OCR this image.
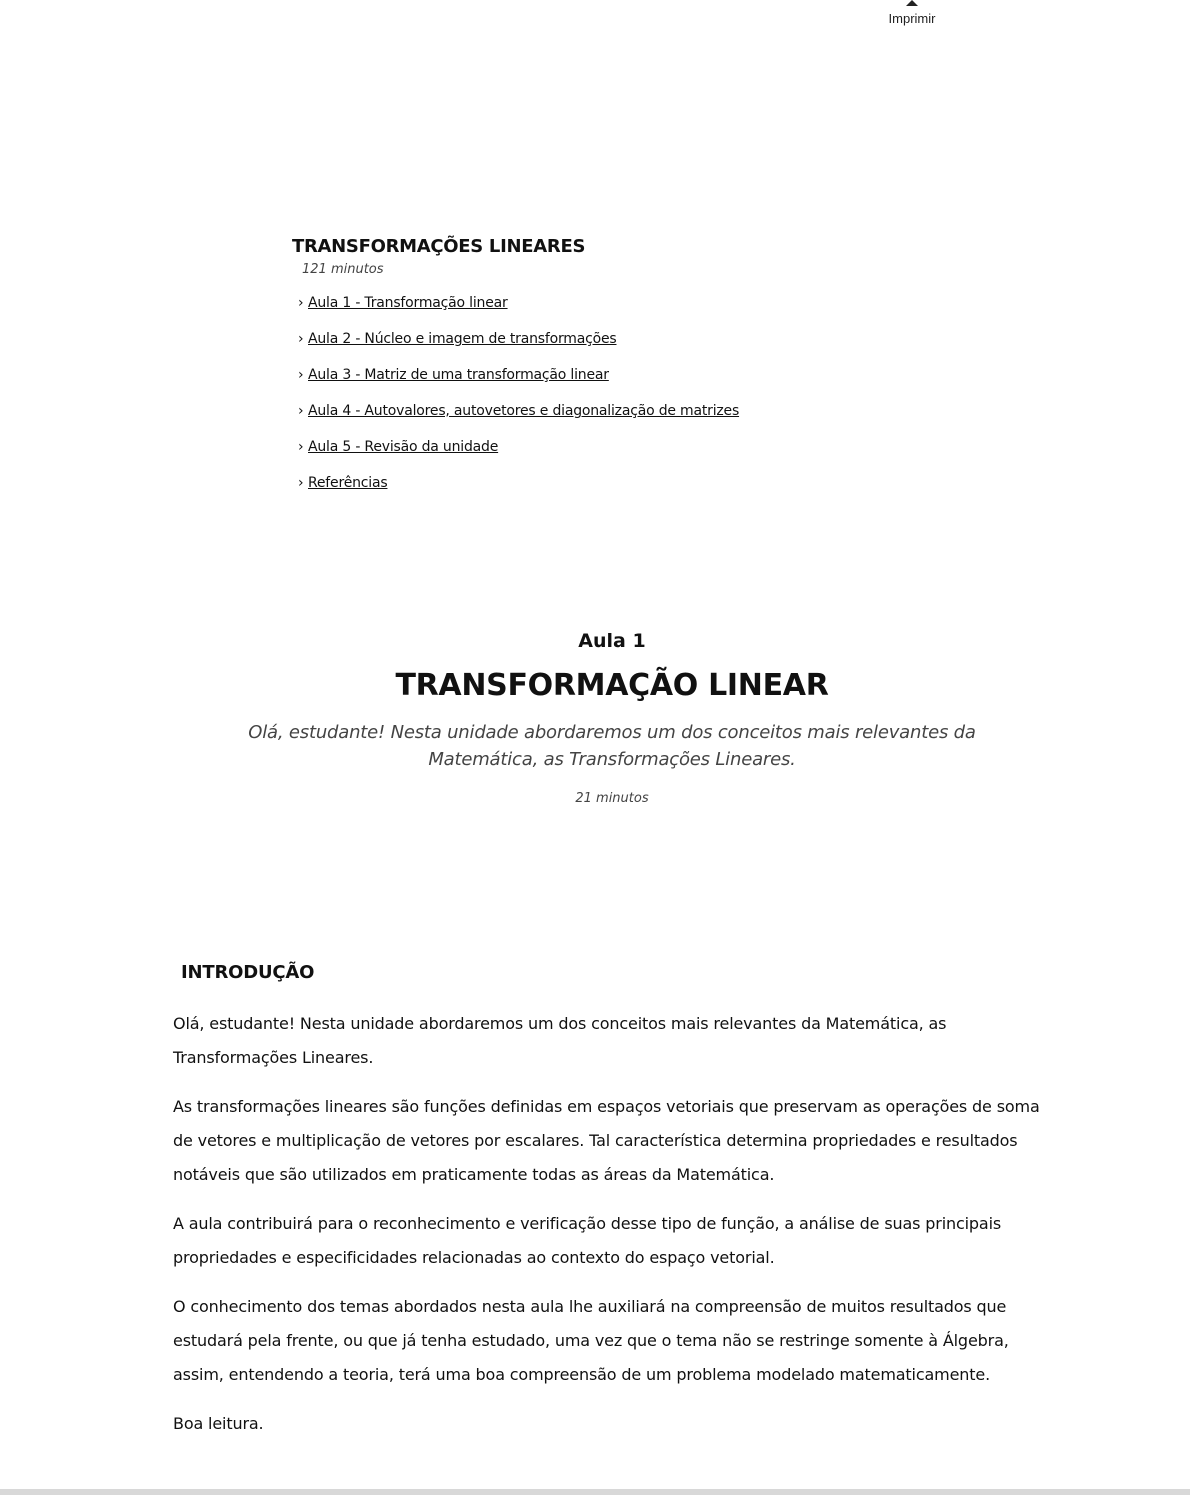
Imprimir
TRANSFORMAÇÕES LINEARES
121 minutos
› Aula 1 - Transformação linear
› Aula 2 - Núcleo e imagem de transformações
› Aula 3 - Matriz de uma transformação linear
› Aula 4 - Autovalores, autovetores e diagonalização de matrizes
› Aula 5 - Revisão da unidade
› Referências
Aula 1
TRANSFORMAÇÃO LINEAR
Olá, estudante! Nesta unidade abordaremos um dos conceitos mais relevantes da Matemática, as Transformações Lineares.
21 minutos
INTRODUÇÃO

Olá, estudante! Nesta unidade abordaremos um dos conceitos mais relevantes da Matemática, as Transformações Lineares.

As transformações lineares são funções definidas em espaços vetoriais que preservam as operações de soma de vetores e multiplicação de vetores por escalares. Tal característica determina propriedades e resultados notáveis que são utilizados em praticamente todas as áreas da Matemática.

A aula contribuirá para o reconhecimento e verificação desse tipo de função, a análise de suas principais propriedades e especificidades relacionadas ao contexto do espaço vetorial.

O conhecimento dos temas abordados nesta aula lhe auxiliará na compreensão de muitos resultados que estudará pela frente, ou que já tenha estudado, uma vez que o tema não se restringe somente à Álgebra, assim, entendendo a teoria, terá uma boa compreensão de um problema modelado matematicamente.

Boa leitura.
